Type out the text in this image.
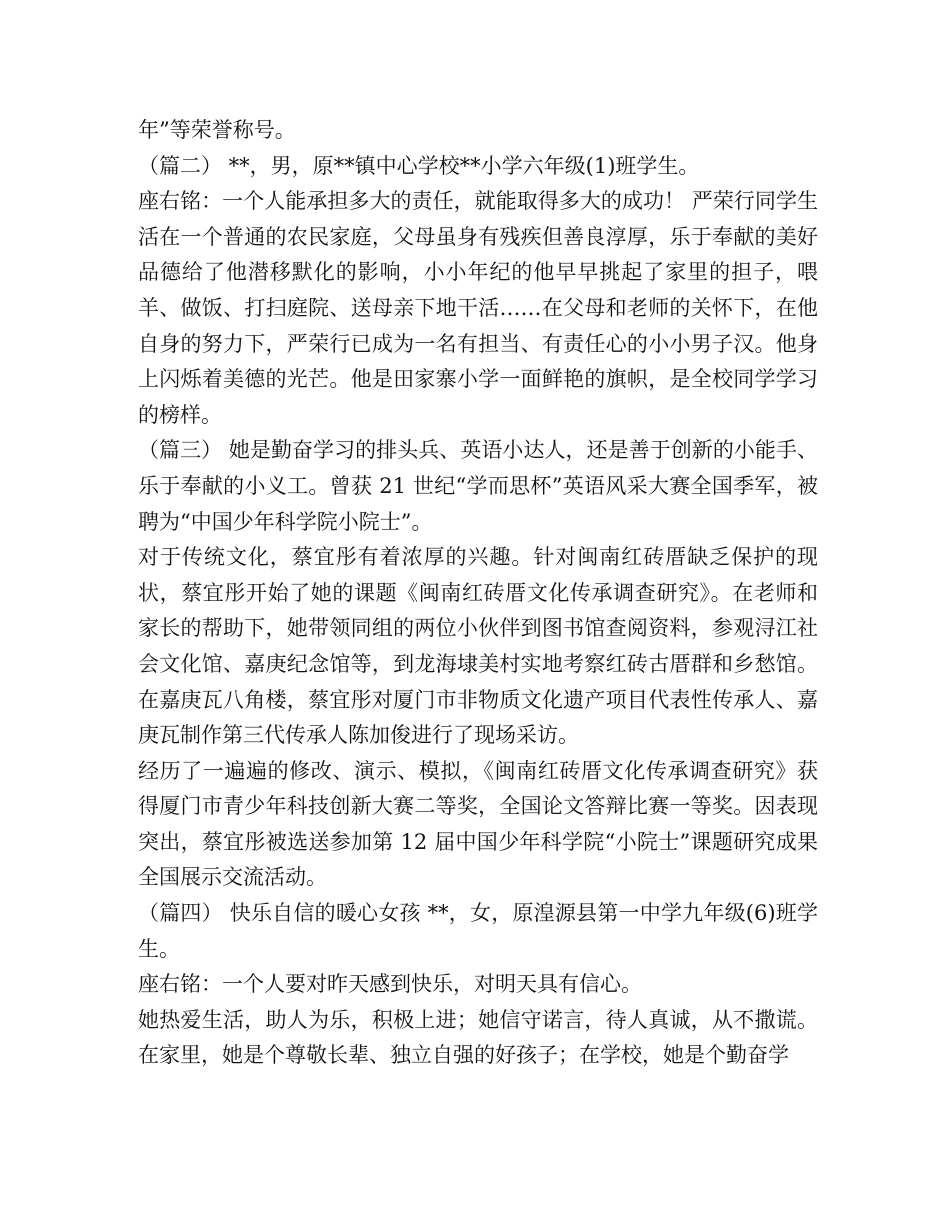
年”等荣誉称号。

（篇二） **，男，原**镇中心学校**小学六年级(1)班学生。

座右铭：一个人能承担多大的责任，就能取得多大的成功！ 严荣行同学生活在一个普通的农民家庭，父母虽身有残疾但善良淳厚，乐于奉献的美好品德给了他潜移默化的影响，小小年纪的他早早挑起了家里的担子，喂羊、做饭、打扫庭院、送母亲下地干活……在父母和老师的关怀下，在他自身的努力下，严荣行已成为一名有担当、有责任心的小小男子汉。他身上闪烁着美德的光芒。他是田家寨小学一面鲜艳的旗帜，是全校同学学习的榜样。

（篇三） 她是勤奋学习的排头兵、英语小达人，还是善于创新的小能手、乐于奉献的小义工。曾获 21 世纪“学而思杯”英语风采大赛全国季军，被聘为“中国少年科学院小院士”。

对于传统文化，蔡宜彤有着浓厚的兴趣。针对闽南红砖厝缺乏保护的现状，蔡宜彤开始了她的课题《闽南红砖厝文化传承调查研究》。在老师和家长的帮助下，她带领同组的两位小伙伴到图书馆查阅资料，参观浔江社会文化馆、嘉庚纪念馆等，到龙海埭美村实地考察红砖古厝群和乡愁馆。在嘉庚瓦八角楼，蔡宜彤对厦门市非物质文化遗产项目代表性传承人、嘉庚瓦制作第三代传承人陈加俊进行了现场采访。

经历了一遍遍的修改、演示、模拟，《闽南红砖厝文化传承调查研究》获得厦门市青少年科技创新大赛二等奖，全国论文答辩比赛一等奖。因表现突出，蔡宜彤被选送参加第 12 届中国少年科学院“小院士”课题研究成果全国展示交流活动。

（篇四） 快乐自信的暖心女孩 **，女，原湟源县第一中学九年级(6)班学生。

座右铭：一个人要对昨天感到快乐，对明天具有信心。

她热爱生活，助人为乐，积极上进；她信守诺言，待人真诚，从不撒谎。在家里，她是个尊敬长辈、独立自强的好孩子；在学校，她是个勤奋学
